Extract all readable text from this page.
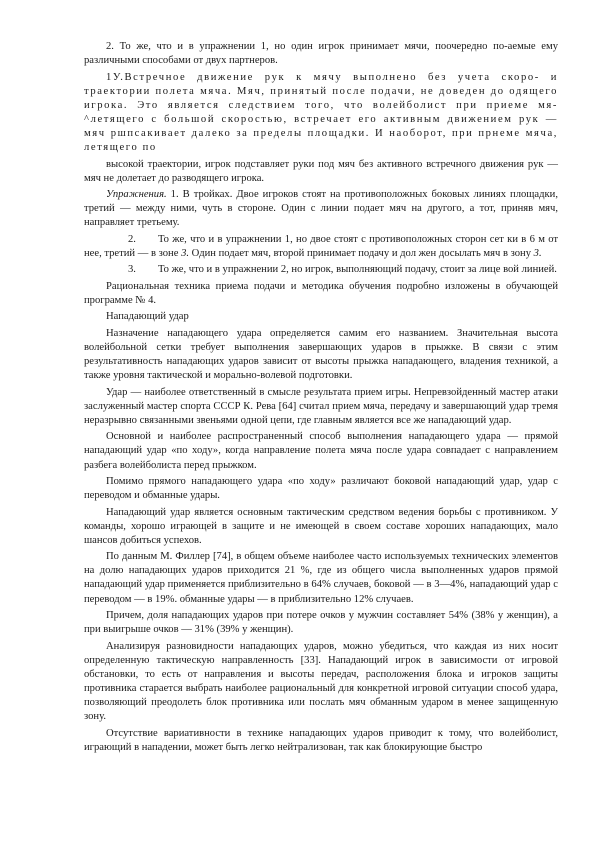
2. То же, что и в упражнении 1, но один игрок принимает мячи, поочередно по-аемые ему различными способами от двух партнеров.

1У.Встречное движение рук к мячу выполнено без учета скоро- и траектории полета мяча. Мяч, принятый после подачи, не доведен до одящего игрока. Это является следствием того, что волейболист при приеме мя-^летящего с большой скоростью, встречает его активным движением рук — мяч ршпсакивает далеко за пределы площадки. И наоборот, при прнеме мяча, летящего по

высокой траектории, игрок подставляет руки под мяч без активного встречного движения рук — мяч не долетает до разводящего игрока.

Упражнения. 1. В тройках. Двое игроков стоят на противоположных боковых линиях площадки, третий — между ними, чуть в стороне. Один с линии подает мяч на другого, а тот, приняв мяч, направляет третьему.

2. То же, что и в упражнении 1, но двое стоят с противоположных сторон сет ки в 6 м от нее, третий — в зоне 3. Один подает мяч, второй принимает подачу и дол жен досылать мяч в зону 3.

3. То же, что и в упражнении 2, но игрок, выполняющий подачу, стоит за лице вой линией.

Рациональная техника приема подачи и методика обучения подробно изложены в обучающей программе № 4.

Нападающий удар

Назначение нападающего удара определяется самим его названием. Значительная высота волейбольной сетки требует выполнения завершающих ударов в прыжке. В связи с этим результативность нападающих ударов зависит от высоты прыжка нападающего, владения техникой, а также уровня тактической и морально-волевой подготовки.

Удар — наиболее ответственный в смысле результата прием игры. Непревзойденный мастер атаки заслуженный мастер спорта СССР К. Рева [64] считал прием мяча, передачу и завершающий удар тремя неразрывно связанными звеньями одной цепи, где главным является все же нападающий удар.

Основной и наиболее распространенный способ выполнения нападающего удара — прямой нападающий удар «по ходу», когда направление полета мяча после удара совпадает с направлением разбега волейболиста перед прыжком.

Помимо прямого нападающего удара «по ходу» различают боковой нападающий удар, удар с переводом и обманные удары.

Нападающий удар является основным тактическим средством ведения борьбы с противником. У команды, хорошо играющей в защите и не имеющей в своем составе хороших нападающих, мало шансов добиться успехов.

По данным М. Филлер [74], в общем объеме наиболее часто используемых технических элементов на долю нападающих ударов приходится 21 %, где из общего числа выполненных ударов прямой нападающий удар применяется приблизительно в 64% случаев, боковой — в 3—4%, нападающий удар с переводом — в 19%. обманные удары — в приблизительно 12% случаев.

Причем, доля нападающих ударов при потере очков у мужчин составляет 54% (38% у женщин), а при выигрыше очков — 31% (39% у женщин).

Анализируя разновидности нападающих ударов, можно убедиться, что каждая из них носит определенную тактическую направленность [33]. Нападающий игрок в зависимости от игровой обстановки, то есть от направления и высоты передач, расположения блока и игроков защиты противника старается выбрать наиболее рациональный для конкретной игровой ситуации способ удара, позволяющий преодолеть блок противника или послать мяч обманным ударом в менее защищенную зону.

Отсутствие вариативности в технике нападающих ударов приводит к тому, что волейболист, играющий в нападении, может быть легко нейтрализован, так как блокирующие быстро
